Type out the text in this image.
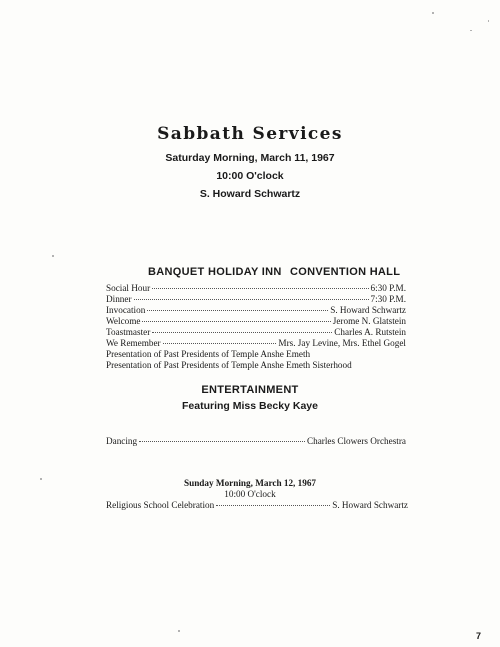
Sabbath Services
Saturday Morning, March 11, 1967
10:00 O'clock
S. Howard Schwartz
BANQUET HOLIDAY INN CONVENTION HALL
Social Hour	6:30 P.M.
Dinner	7:30 P.M.
Invocation	S. Howard Schwartz
Welcome	Jerome N. Glatstein
Toastmaster	Charles A. Rutstein
We Remember	Mrs. Jay Levine, Mrs. Ethel Gogel
Presentation of Past Presidents of Temple Anshe Emeth
Presentation of Past Presidents of Temple Anshe Emeth Sisterhood
ENTERTAINMENT
Featuring Miss Becky Kaye
Dancing	Charles Clowers Orchestra
Sunday Morning, March 12, 1967
10:00 O'clock
Religious School Celebration	S. Howard Schwartz
7
